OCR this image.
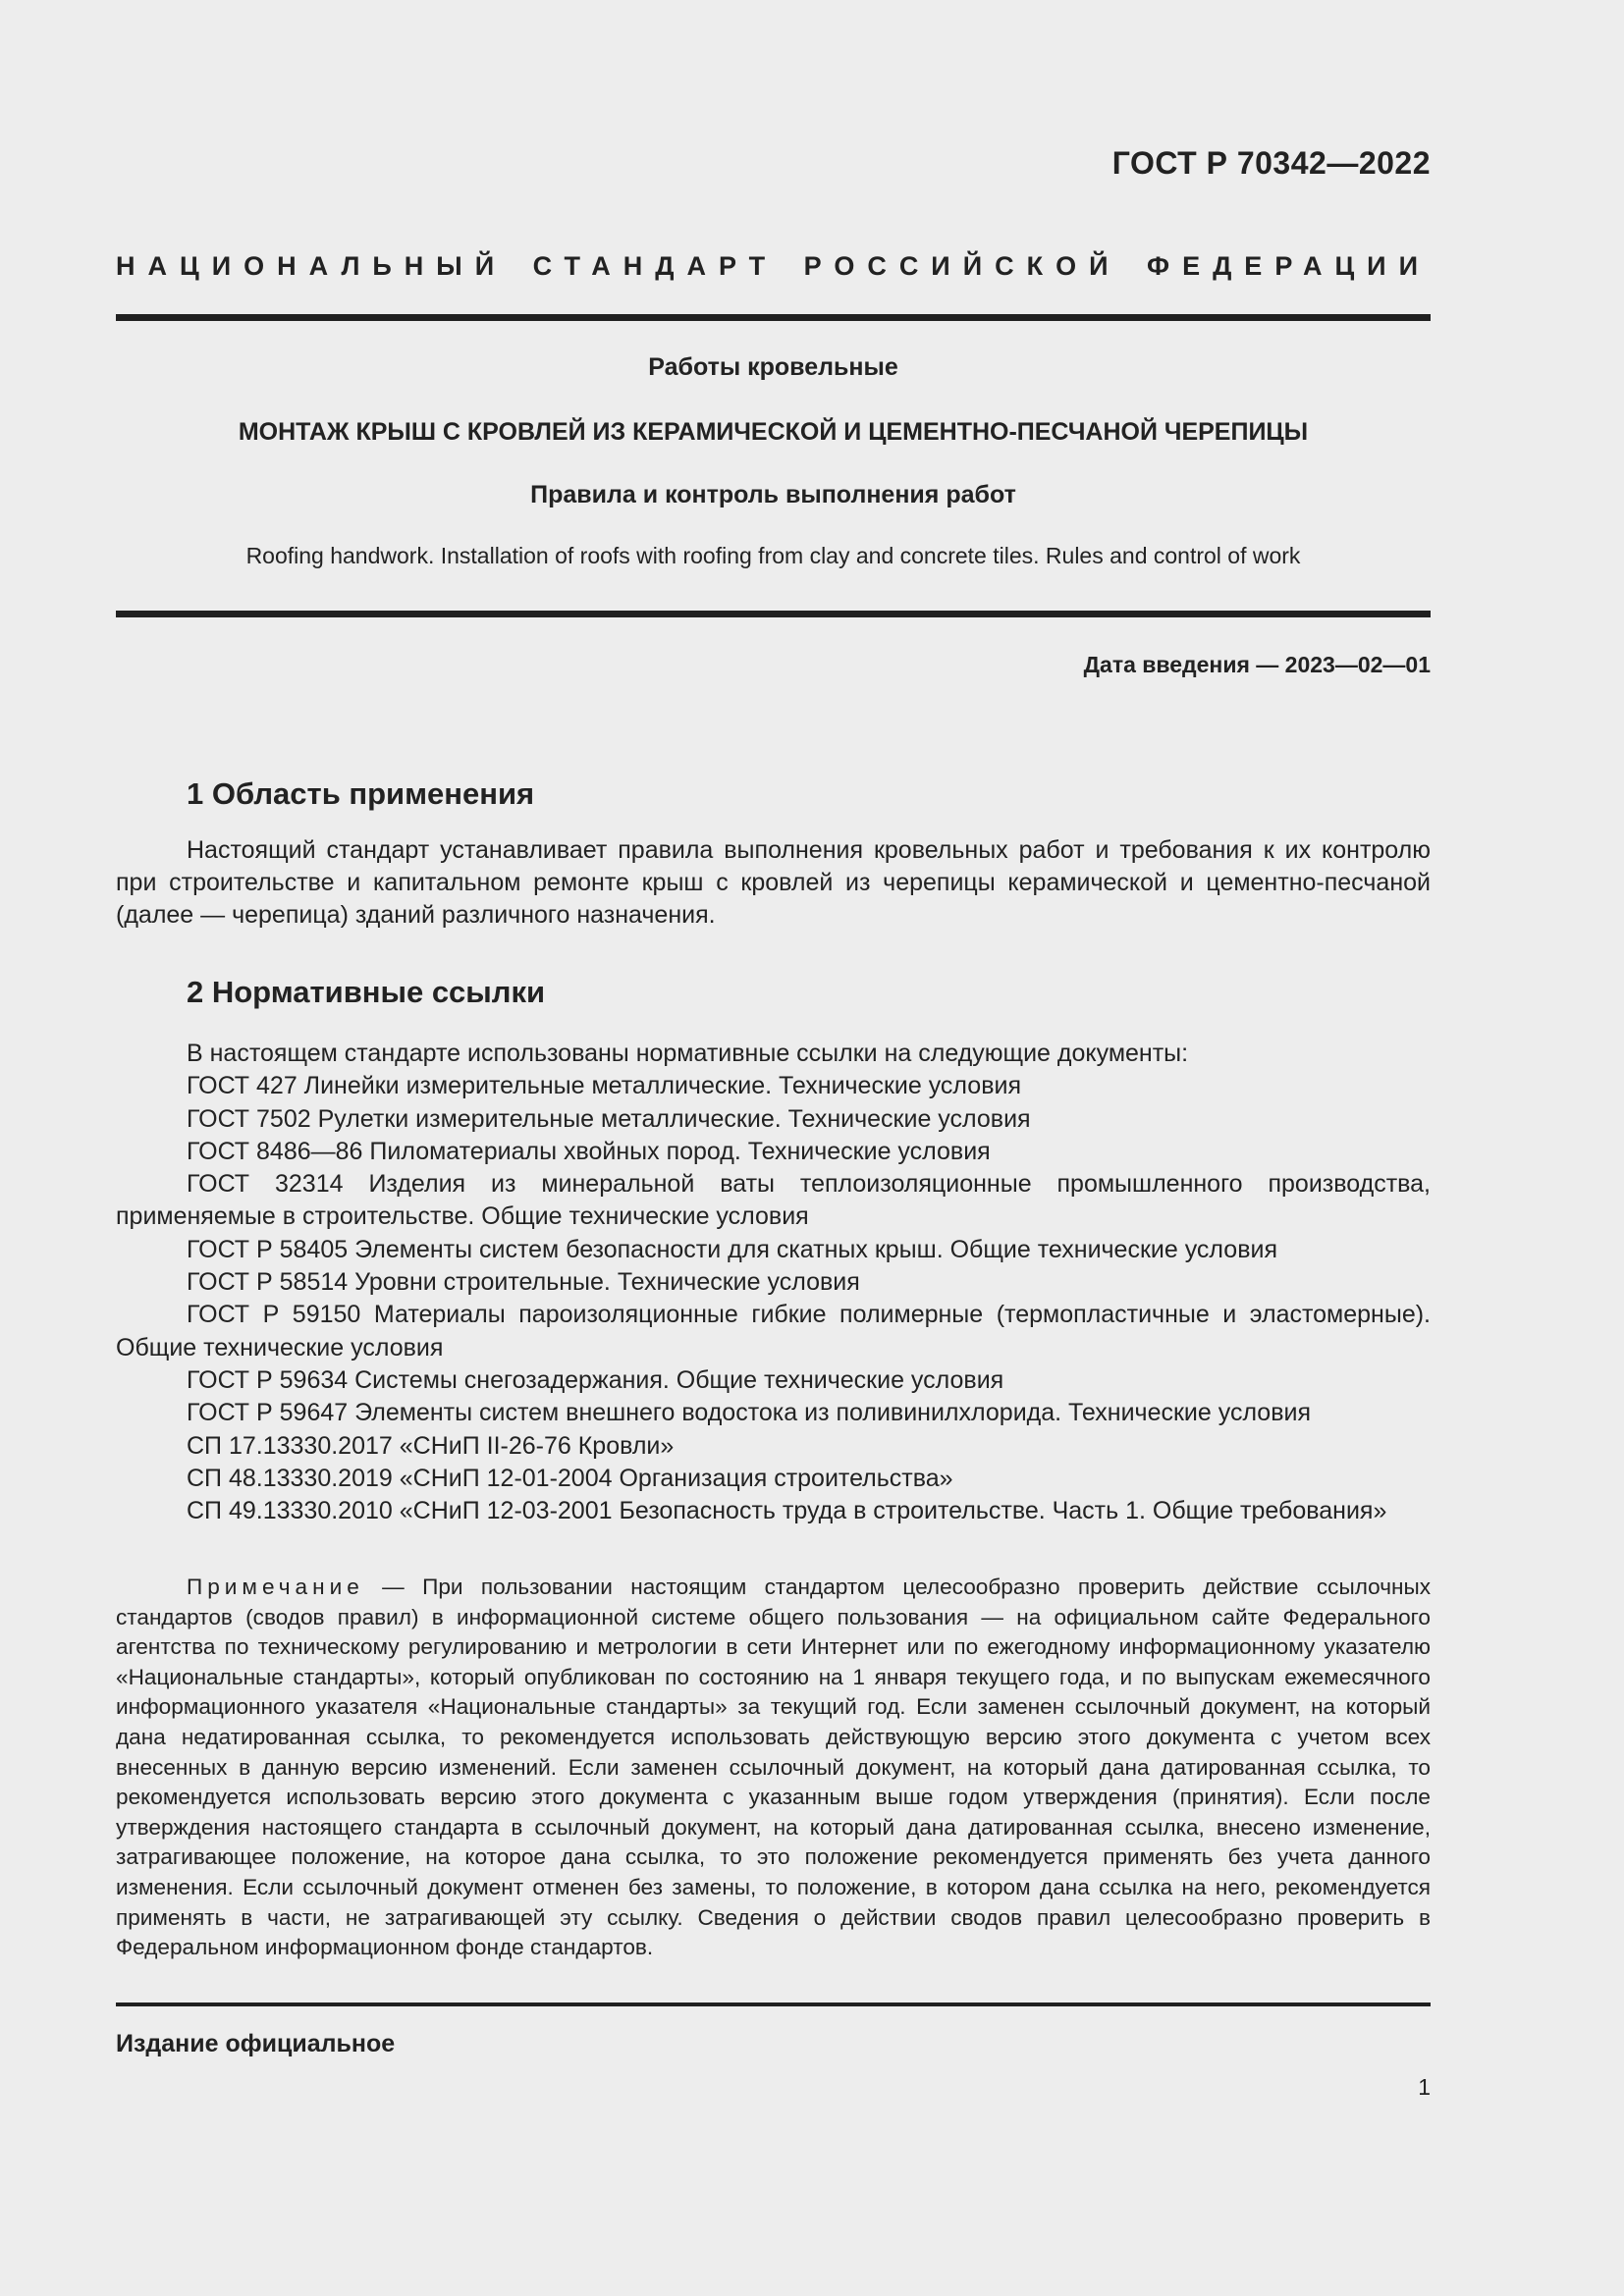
ГОСТ Р 70342—2022
НАЦИОНАЛЬНЫЙ СТАНДАРТ РОССИЙСКОЙ ФЕДЕРАЦИИ
Работы кровельные
МОНТАЖ КРЫШ С КРОВЛЕЙ ИЗ КЕРАМИЧЕСКОЙ И ЦЕМЕНТНО-ПЕСЧАНОЙ ЧЕРЕПИЦЫ
Правила и контроль выполнения работ
Roofing handwork. Installation of roofs with roofing from clay and concrete tiles. Rules and control of work
Дата введения — 2023—02—01
1 Область применения
Настоящий стандарт устанавливает правила выполнения кровельных работ и требования к их контролю при строительстве и капитальном ремонте крыш с кровлей из черепицы керамической и цементно-песчаной (далее — черепица) зданий различного назначения.
2 Нормативные ссылки
В настоящем стандарте использованы нормативные ссылки на следующие документы:
ГОСТ 427 Линейки измерительные металлические. Технические условия
ГОСТ 7502 Рулетки измерительные металлические. Технические условия
ГОСТ 8486—86 Пиломатериалы хвойных пород. Технические условия
ГОСТ 32314 Изделия из минеральной ваты теплоизоляционные промышленного производства, применяемые в строительстве. Общие технические условия
ГОСТ Р 58405 Элементы систем безопасности для скатных крыш. Общие технические условия
ГОСТ Р 58514 Уровни строительные. Технические условия
ГОСТ Р 59150 Материалы пароизоляционные гибкие полимерные (термопластичные и эластомерные). Общие технические условия
ГОСТ Р 59634 Системы снегозадержания. Общие технические условия
ГОСТ Р 59647 Элементы систем внешнего водостока из поливинилхлорида. Технические условия
СП 17.13330.2017 «СНиП II-26-76 Кровли»
СП 48.13330.2019 «СНиП 12-01-2004 Организация строительства»
СП 49.13330.2010 «СНиП 12-03-2001 Безопасность труда в строительстве. Часть 1. Общие требования»
Примечание — При пользовании настоящим стандартом целесообразно проверить действие ссылочных стандартов (сводов правил) в информационной системе общего пользования — на официальном сайте Федерального агентства по техническому регулированию и метрологии в сети Интернет или по ежегодному информационному указателю «Национальные стандарты», который опубликован по состоянию на 1 января текущего года, и по выпускам ежемесячного информационного указателя «Национальные стандарты» за текущий год. Если заменен ссылочный документ, на который дана недатированная ссылка, то рекомендуется использовать действующую версию этого документа с учетом всех внесенных в данную версию изменений. Если заменен ссылочный документ, на который дана датированная ссылка, то рекомендуется использовать версию этого документа с указанным выше годом утверждения (принятия). Если после утверждения настоящего стандарта в ссылочный документ, на который дана датированная ссылка, внесено изменение, затрагивающее положение, на которое дана ссылка, то это положение рекомендуется применять без учета данного изменения. Если ссылочный документ отменен без замены, то положение, в котором дана ссылка на него, рекомендуется применять в части, не затрагивающей эту ссылку. Сведения о действии сводов правил целесообразно проверить в Федеральном информационном фонде стандартов.
Издание официальное
1
